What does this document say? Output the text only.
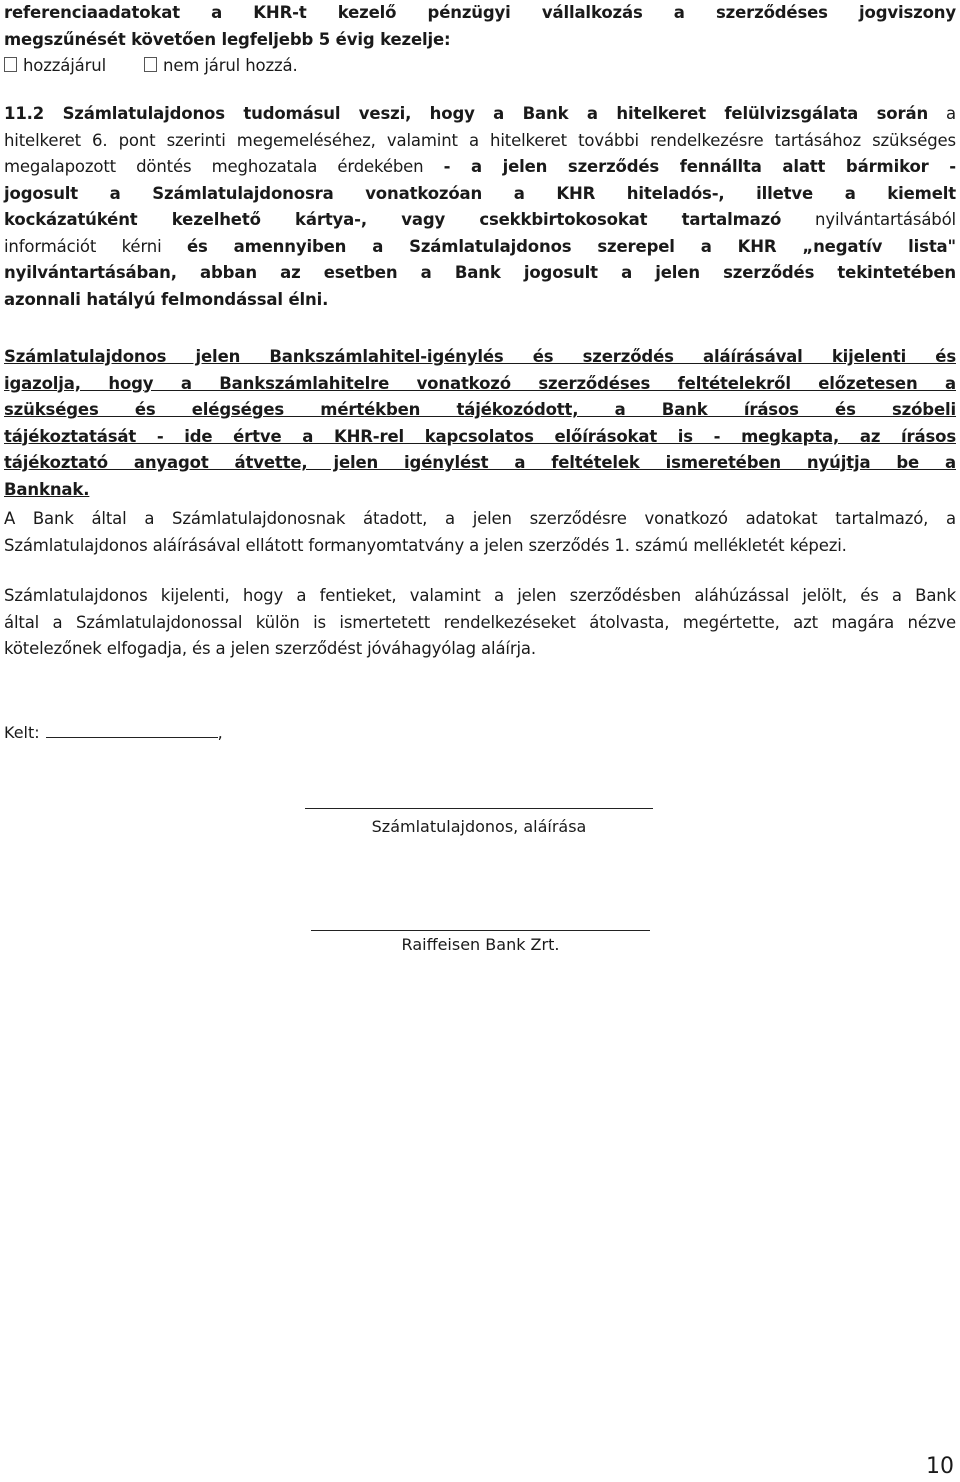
referenciaadatokat a KHR-t kezelő pénzügyi vállalkozás a szerződéses jogviszony

megszűnését követően legfeljebb 5 évig kezelje:

hozzájárul	nem járul hozzá.

11.2 Számlatulajdonos tudomásul veszi, hogy a Bank a hitelkeret felülvizsgálata során a

hitelkeret 6. pont szerinti megemeléséhez, valamint a hitelkeret további rendelkezésre tartásához szükséges

megalapozott döntés meghozatala érdekében - a jelen szerződés fennállta alatt bármikor -

jogosult a Számlatulajdonosra vonatkozóan a KHR hiteladós-, illetve a kiemelt

kockázatúként kezelhető kártya-, vagy csekkbirtokosokat tartalmazó nyilvántartásából

információt kérni és amennyiben a Számlatulajdonos szerepel a KHR „negatív lista"

nyilvántartásában, abban az esetben a Bank jogosult a jelen szerződés tekintetében

azonnali hatályú felmondással élni.

Számlatulajdonos jelen Bankszámlahitel-igénylés és szerződés aláírásával kijelenti és

igazolja, hogy a Bankszámlahitelre vonatkozó szerződéses feltételekről előzetesen a

szükséges és elégséges mértékben tájékozódott, a Bank írásos és szóbeli

tájékoztatását - ide értve a KHR-rel kapcsolatos előírásokat is - megkapta, az írásos

tájékoztató anyagot átvette, jelen igénylést a feltételek ismeretében nyújtja be a

Banknak.

A Bank által a Számlatulajdonosnak átadott, a jelen szerződésre vonatkozó adatokat tartalmazó, a

Számlatulajdonos aláírásával ellátott formanyomtatvány a jelen szerződés 1. számú mellékletét képezi.

Számlatulajdonos kijelenti, hogy a fentieket, valamint a jelen szerződésben aláhúzással jelölt, és a Bank

által a Számlatulajdonossal külön is ismertetett rendelkezéseket átolvasta, megértette, azt magára nézve

kötelezőnek elfogadja, és a jelen szerződést jóváhagyólag aláírja.

Kelt:	,
Számlatulajdonos, aláírása
Raiffeisen Bank Zrt.
10
